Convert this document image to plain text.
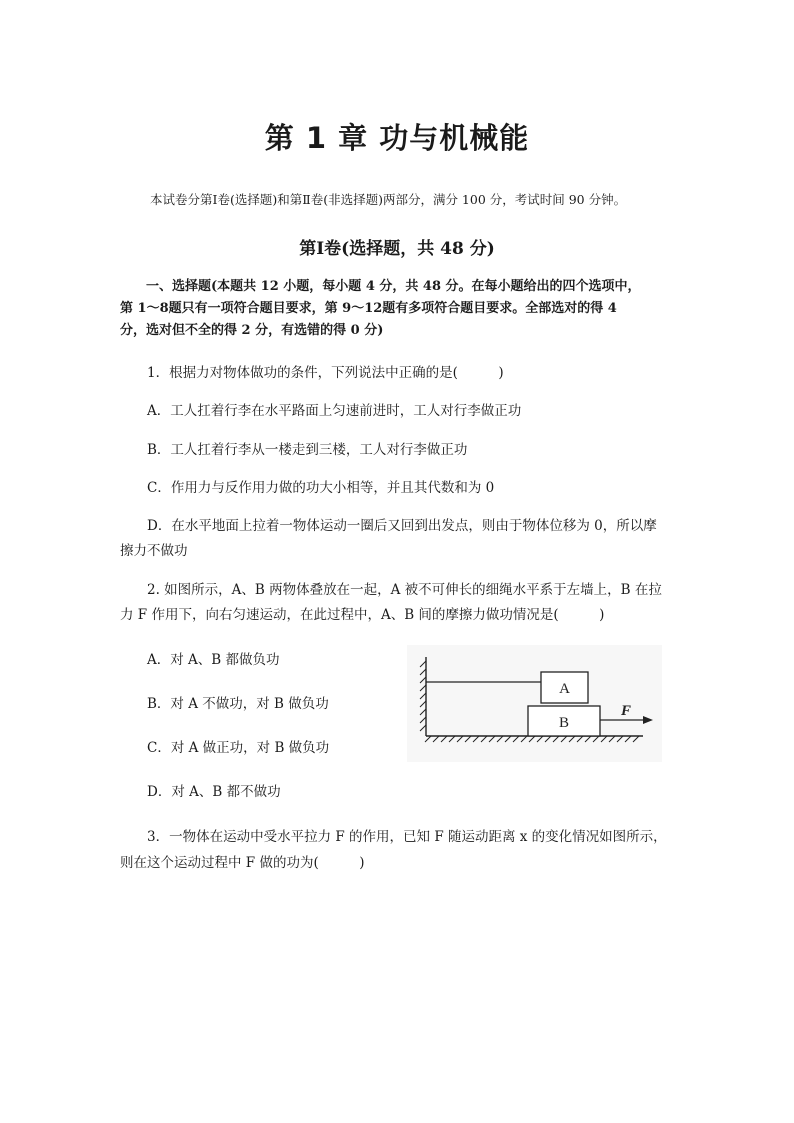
第 1 章 功与机械能
本试卷分第Ⅰ卷(选择题)和第Ⅱ卷(非选择题)两部分，满分 100 分，考试时间 90 分钟。
第Ⅰ卷(选择题，共 48 分)
一、选择题(本题共 12 小题，每小题 4 分，共 48 分。在每小题给出的四个选项中，
第 1～8题只有一项符合题目要求，第 9～12题有多项符合题目要求。全部选对的得 4
分，选对但不全的得 2 分，有选错的得 0 分)
1．根据力对物体做功的条件，下列说法中正确的是(　　　)
A．工人扛着行李在水平路面上匀速前进时，工人对行李做正功
B．工人扛着行李从一楼走到三楼，工人对行李做正功
C．作用力与反作用力做的功大小相等，并且其代数和为 0
D．在水平地面上拉着一物体运动一圈后又回到出发点，则由于物体位移为 0，所以摩
擦力不做功
2. 如图所示，A、B 两物体叠放在一起，A 被不可伸长的细绳水平系于左墙上，B 在拉
力 F 作用下，向右匀速运动，在此过程中，A、B 间的摩擦力做功情况是(　　　)
A．对 A、B 都做负功
B．对 A 不做功，对 B 做负功
C．对 A 做正功，对 B 做负功
D．对 A、B 都不做功
A
B
F
3．一物体在运动中受水平拉力 F 的作用，已知 F 随运动距离 x 的变化情况如图所示，
则在这个运动过程中 F 做的功为(　　　)
